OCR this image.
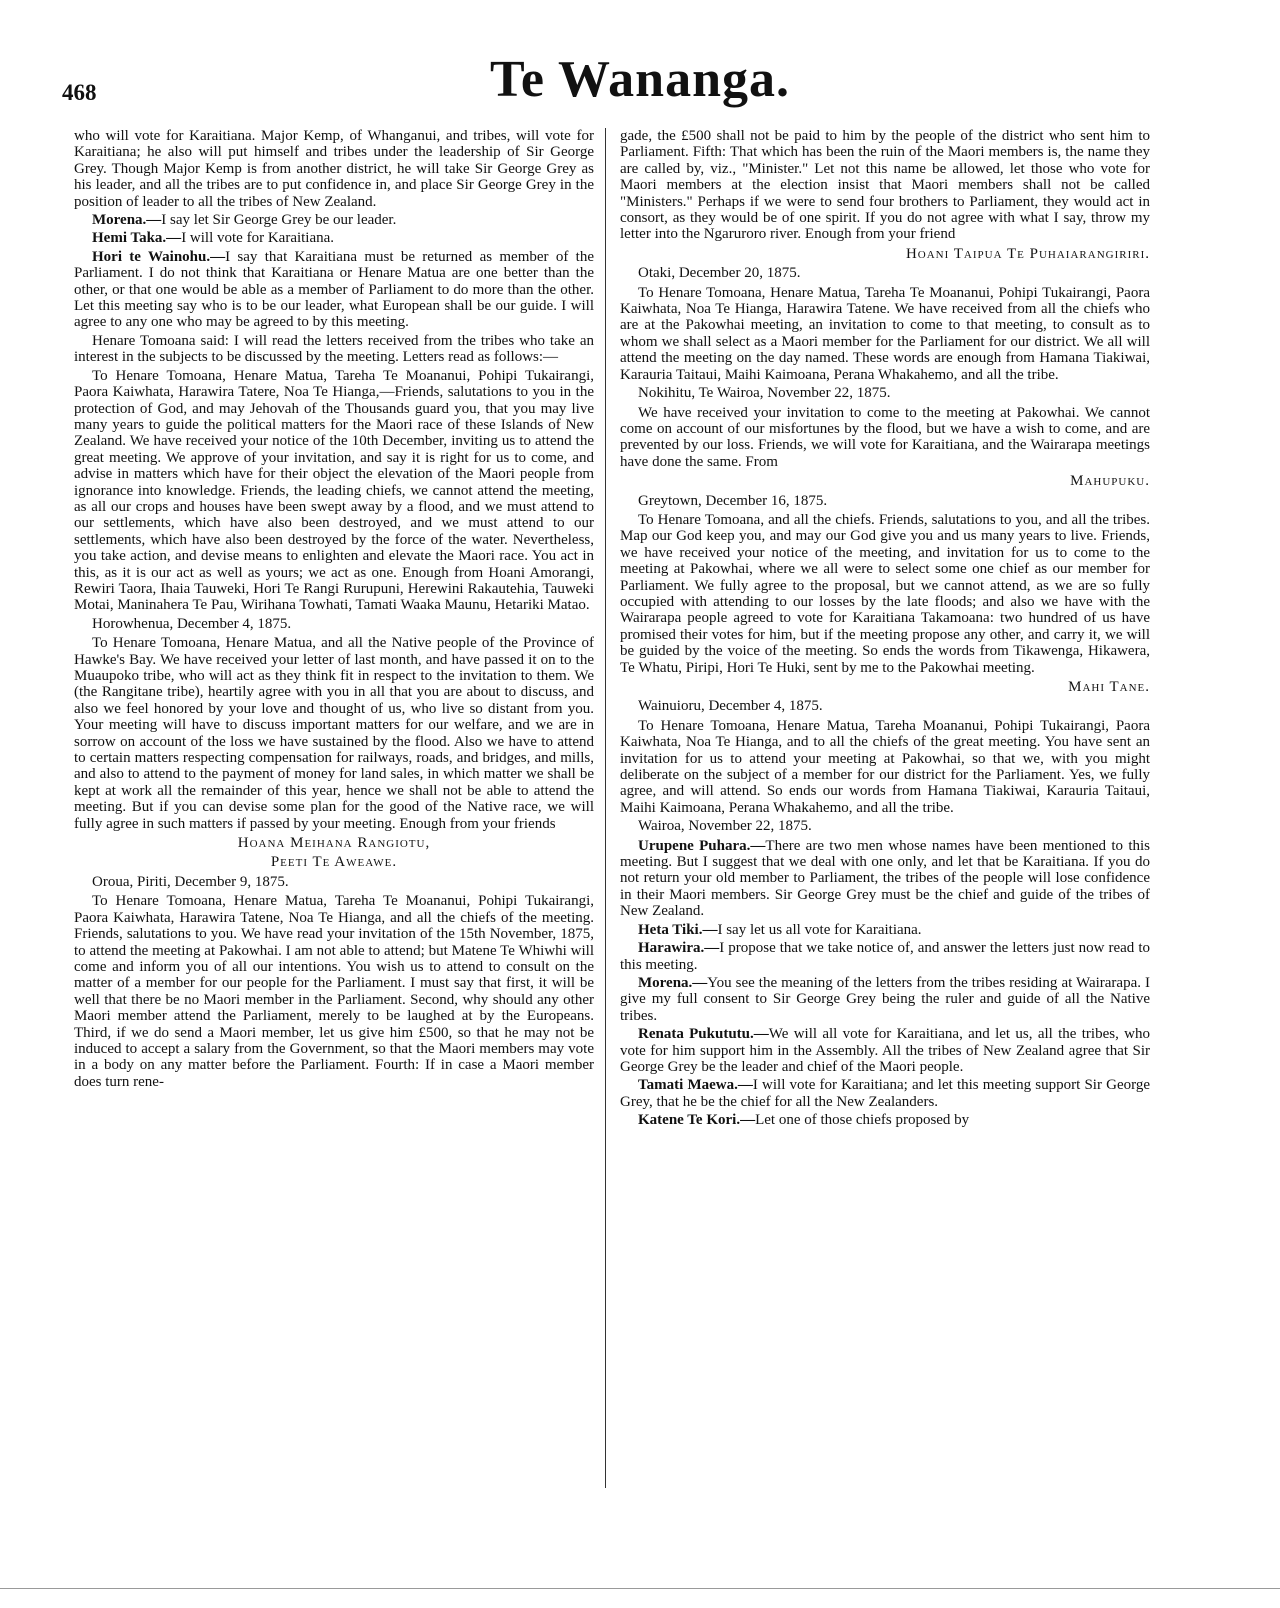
468	Te Wananga.

who will vote for Karaitiana. Major Kemp, of Whanganui, and tribes, will vote for Karaitiana; he also will put himself and tribes under the leadership of Sir George Grey. Though Major Kemp is from another district, he will take Sir George Grey as his leader, and all the tribes are to put confidence in, and place Sir George Grey in the position of leader to all the tribes of New Zealand.

Morena.—I say let Sir George Grey be our leader.

Hemi Taka.—I will vote for Karaitiana.

Hori te Wainohu.—I say that Karaitiana must be returned as member of the Parliament. I do not think that Karaitiana or Henare Matua are one better than the other, or that one would be able as a member of Parliament to do more than the other. Let this meeting say who is to be our leader, what European shall be our guide. I will agree to any one who may be agreed to by this meeting.

Henare Tomoana said: I will read the letters received from the tribes who take an interest in the subjects to be discussed by the meeting. Letters read as follows:—

To Henare Tomoana, Henare Matua, Tareha Te Moananui, Pohipi Tukairangi, Paora Kaiwhata, Harawira Tatere, Noa Te Hianga,—Friends, salutations to you in the protection of God, and may Jehovah of the Thousands guard you, that you may live many years to guide the political matters for the Maori race of these Islands of New Zealand. We have received your notice of the 10th December, inviting us to attend the great meeting. We approve of your invitation, and say it is right for us to come, and advise in matters which have for their object the elevation of the Maori people from ignorance into knowledge. Friends, the leading chiefs, we cannot attend the meeting, as all our crops and houses have been swept away by a flood, and we must attend to our settlements, which have also been destroyed, and we must attend to our settlements, which have also been destroyed by the force of the water. Nevertheless, you take action, and devise means to enlighten and elevate the Maori race. You act in this, as it is our act as well as yours; we act as one. Enough from Hoani Amorangi, Rewiri Taora, Ihaia Tauweki, Hori Te Rangi Rurupuni, Herewini Rakautehia, Tauweki Motai, Maninahera Te Pau, Wirihana Towhati, Tamati Waaka Maunu, Hetariki Matao.

Horowhenua, December 4, 1875.

To Henare Tomoana, Henare Matua, and all the Native people of the Province of Hawke's Bay. We have received your letter of last month, and have passed it on to the Muaupoko tribe, who will act as they think fit in respect to the invitation to them. We (the Rangitane tribe), heartily agree with you in all that you are about to discuss, and also we feel honored by your love and thought of us, who live so distant from you. Your meeting will have to discuss important matters for our welfare, and we are in sorrow on account of the loss we have sustained by the flood. Also we have to attend to certain matters respecting compensation for railways, roads, and bridges, and mills, and also to attend to the payment of money for land sales, in which matter we shall be kept at work all the remainder of this year, hence we shall not be able to attend the meeting. But if you can devise some plan for the good of the Native race, we will fully agree in such matters if passed by your meeting. Enough from your friends

Hoana Meihana Rangiotu,
Peeti Te Aweawe.

Oroua, Piriti, December 9, 1875.

To Henare Tomoana, Henare Matua, Tareha Te Moananui, Pohipi Tukairangi, Paora Kaiwhata, Harawira Tatene, Noa Te Hianga, and all the chiefs of the meeting. Friends, salutations to you. We have read your invitation of the 15th November, 1875, to attend the meeting at Pakowhai. I am not able to attend; but Matene Te Whiwhi will come and inform you of all our intentions. You wish us to attend to consult on the matter of a member for our people for the Parliament. I must say that first, it will be well that there be no Maori member in the Parliament. Second, why should any other Maori member attend the Parliament, merely to be laughed at by the Europeans. Third, if we do send a Maori member, let us give him £500, so that he may not be induced to accept a salary from the Government, so that the Maori members may vote in a body on any matter before the Parliament. Fourth: If in case a Maori member does turn rene-

gade, the £500 shall not be paid to him by the people of the district who sent him to Parliament. Fifth: That which has been the ruin of the Maori members is, the name they are called by, viz., "Minister." Let not this name be allowed, let those who vote for Maori members at the election insist that Maori members shall not be called "Ministers." Perhaps if we were to send four brothers to Parliament, they would act in consort, as they would be of one spirit. If you do not agree with what I say, throw my letter into the Ngaruroro river. Enough from your friend

Hoani Taipua Te Puhaiarangiriri.

Otaki, December 20, 1875.

To Henare Tomoana, Henare Matua, Tareha Te Moananui, Pohipi Tukairangi, Paora Kaiwhata, Noa Te Hianga, Harawira Tatene. We have received from all the chiefs who are at the Pakowhai meeting, an invitation to come to that meeting, to consult as to whom we shall select as a Maori member for the Parliament for our district. We all will attend the meeting on the day named. These words are enough from Hamana Tiakiwai, Karauria Taitaui, Maihi Kaimoana, Perana Whakahemo, and all the tribe.

Nokihitu, Te Wairoa, November 22, 1875.

We have received your invitation to come to the meeting at Pakowhai. We cannot come on account of our misfortunes by the flood, but we have a wish to come, and are prevented by our loss. Friends, we will vote for Karaitiana, and the Wairarapa meetings have done the same. From

Mahupuku.

Greytown, December 16, 1875.

To Henare Tomoana, and all the chiefs. Friends, salutations to you, and all the tribes. Map our God keep you, and may our God give you and us many years to live. Friends, we have received your notice of the meeting, and invitation for us to come to the meeting at Pakowhai, where we all were to select some one chief as our member for Parliament. We fully agree to the proposal, but we cannot attend, as we are so fully occupied with attending to our losses by the late floods; and also we have with the Wairarapa people agreed to vote for Karaitiana Takamoana: two hundred of us have promised their votes for him, but if the meeting propose any other, and carry it, we will be guided by the voice of the meeting. So ends the words from Tikawenga, Hikawera, Te Whatu, Piripi, Hori Te Huki, sent by me to the Pakowhai meeting.

Mahi Tane.

Wainuioru, December 4, 1875.

To Henare Tomoana, Henare Matua, Tareha Moananui, Pohipi Tukairangi, Paora Kaiwhata, Noa Te Hianga, and to all the chiefs of the great meeting. You have sent an invitation for us to attend your meeting at Pakowhai, so that we, with you might deliberate on the subject of a member for our district for the Parliament. Yes, we fully agree, and will attend. So ends our words from Hamana Tiakiwai, Karauria Taitaui, Maihi Kaimoana, Perana Whakahemo, and all the tribe.

Wairoa, November 22, 1875.

Urupene Puhara.—There are two men whose names have been mentioned to this meeting. But I suggest that we deal with one only, and let that be Karaitiana. If you do not return your old member to Parliament, the tribes of the people will lose confidence in their Maori members. Sir George Grey must be the chief and guide of the tribes of New Zealand.

Heta Tiki.—I say let us all vote for Karaitiana.

Harawira.—I propose that we take notice of, and answer the letters just now read to this meeting.

Morena.—You see the meaning of the letters from the tribes residing at Wairarapa. I give my full consent to Sir George Grey being the ruler and guide of all the Native tribes.

Renata Pukututu.—We will all vote for Karaitiana, and let us, all the tribes, who vote for him support him in the Assembly. All the tribes of New Zealand agree that Sir George Grey be the leader and chief of the Maori people.

Tamati Maewa.—I will vote for Karaitiana; and let this meeting support Sir George Grey, that he be the chief for all the New Zealanders.

Katene Te Kori.—Let one of those chiefs proposed by
